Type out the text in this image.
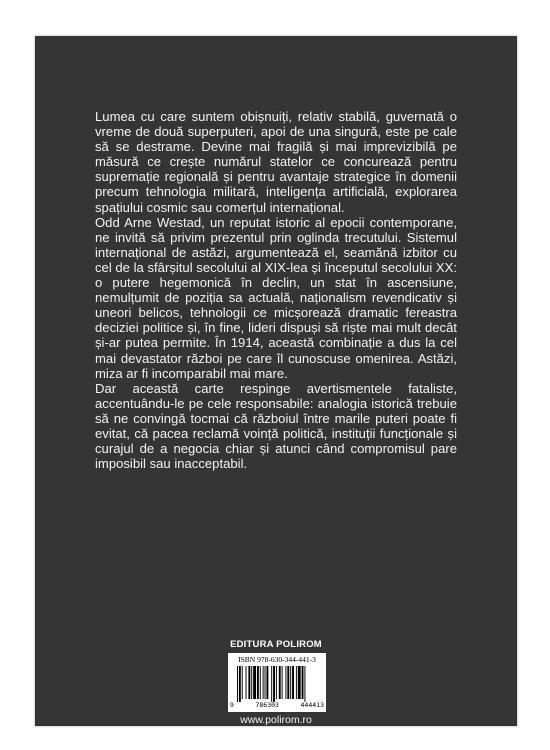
Lumea cu care suntem obișnuiți, relativ stabilă, guvernată o vreme de două superputeri, apoi de una singură, este pe cale să se destrame. Devine mai fragilă și mai imprevizibilă pe măsură ce crește numărul statelor ce concurează pentru supremație regională și pentru avantaje strategice în domenii precum tehnologia militară, inteligența artificială, explorarea spațiului cosmic sau comerțul internațional.

Odd Arne Westad, un reputat istoric al epocii contemporane, ne invită să privim prezentul prin oglinda trecutului. Sistemul internațional de astăzi, argumentează el, seamănă izbitor cu cel de la sfârșitul secolului al XIX-lea și începutul secolului XX: o putere hegemonică în declin, un stat în ascensiune, nemulțumit de poziția sa actuală, naționalism revendicativ și uneori belicos, tehnologii ce micșorează dramatic fereastra deciziei politice și, în fine, lideri dispuși să riște mai mult decât și-ar putea permite. În 1914, această combinație a dus la cel mai devastator război pe care îl cunoscuse omenirea. Astăzi, miza ar fi incomparabil mai mare.

Dar această carte respinge avertismentele fataliste, accentuându-le pe cele responsabile: analogia istorică trebuie să ne convingă tocmai că războiul între marile puteri poate fi evitat, că pacea reclamă voință politică, instituții funcționale și curajul de a negocia chiar și atunci când compromisul pare imposibil sau inacceptabil.

EDITURA POLIROM
ISBN 978-630-344-441-3
9	786303	444413
www.polirom.ro
